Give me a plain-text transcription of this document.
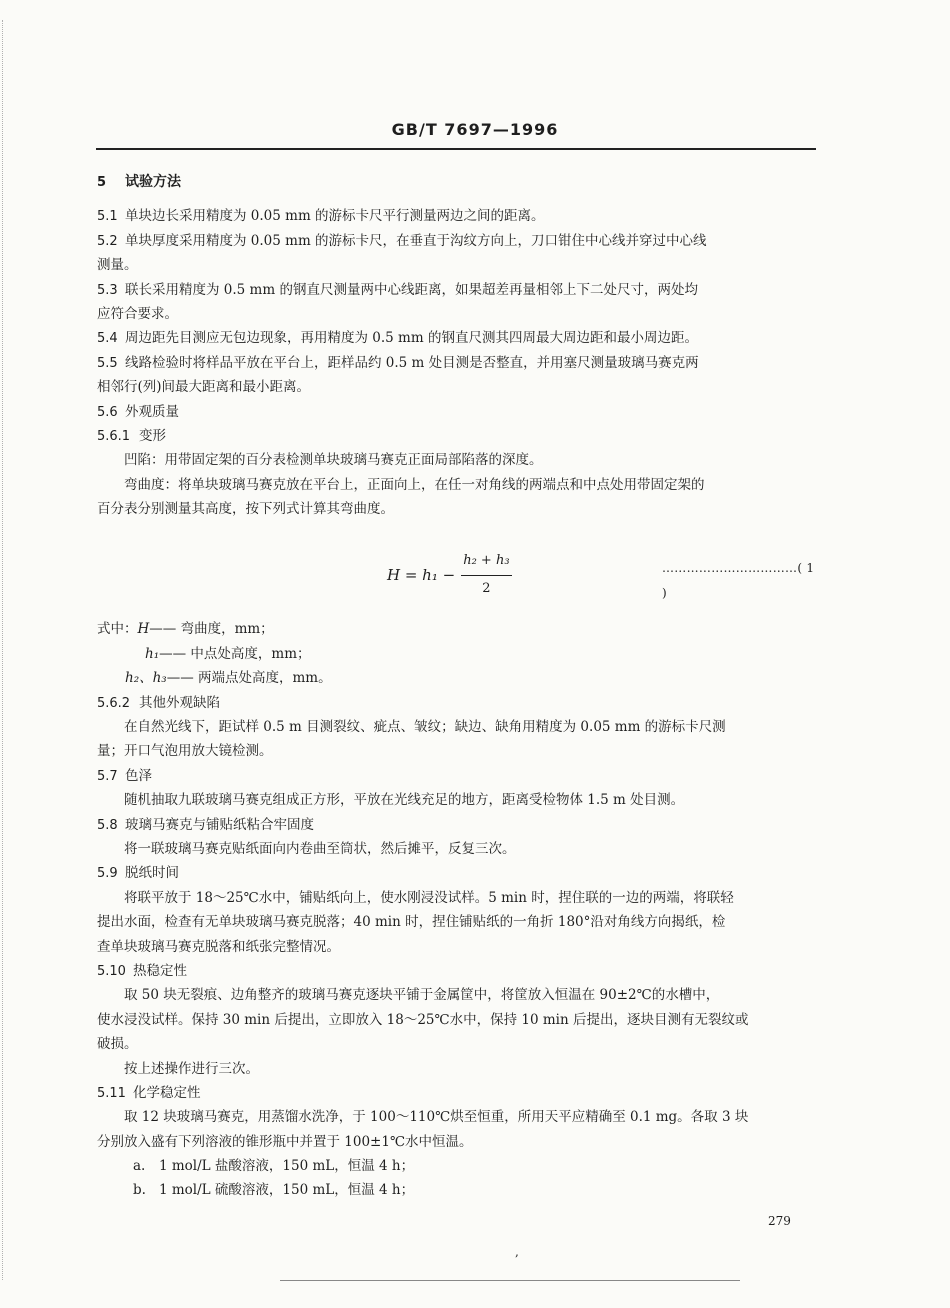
GB/T 7697—1996
5 试验方法
5.1 单块边长采用精度为 0.05 mm 的游标卡尺平行测量两边之间的距离。
5.2 单块厚度采用精度为 0.05 mm 的游标卡尺，在垂直于沟纹方向上，刀口钳住中心线并穿过中心线
测量。
5.3 联长采用精度为 0.5 mm 的钢直尺测量两中心线距离，如果超差再量相邻上下二处尺寸，两处均
应符合要求。
5.4 周边距先目测应无包边现象，再用精度为 0.5 mm 的钢直尺测其四周最大周边距和最小周边距。
5.5 线路检验时将样品平放在平台上，距样品约 0.5 m 处目测是否整直，并用塞尺测量玻璃马赛克两
相邻行(列)间最大距离和最小距离。
5.6 外观质量
5.6.1 变形
凹陷：用带固定架的百分表检测单块玻璃马赛克正面局部陷落的深度。
弯曲度：将单块玻璃马赛克放在平台上，正面向上，在任一对角线的两端点和中点处用带固定架的
百分表分别测量其高度，按下列式计算其弯曲度。
$H = h_1 - \frac{\text{h₂ + h₃}}{2}$	……………………………( 1 )
式中：H—— 弯曲度，mm；
h₁—— 中点处高度，mm；
h₂、h₃—— 两端点处高度，mm。
5.6.2 其他外观缺陷
在自然光线下，距试样 0.5 m 目测裂纹、疵点、皱纹；缺边、缺角用精度为 0.05 mm 的游标卡尺测
量；开口气泡用放大镜检测。
5.7 色泽
随机抽取九联玻璃马赛克组成正方形，平放在光线充足的地方，距离受检物体 1.5 m 处目测。
5.8 玻璃马赛克与铺贴纸粘合牢固度
将一联玻璃马赛克贴纸面向内卷曲至筒状，然后摊平，反复三次。
5.9 脱纸时间
将联平放于 18～25℃水中，铺贴纸向上，使水刚浸没试样。5 min 时，捏住联的一边的两端，将联轻
提出水面，检查有无单块玻璃马赛克脱落；40 min 时，捏住铺贴纸的一角折 180°沿对角线方向揭纸，检
查单块玻璃马赛克脱落和纸张完整情况。
5.10 热稳定性
取 50 块无裂痕、边角整齐的玻璃马赛克逐块平铺于金属筐中，将筐放入恒温在 90±2℃的水槽中，
使水浸没试样。保持 30 min 后提出，立即放入 18～25℃水中，保持 10 min 后提出，逐块目测有无裂纹或
破损。
按上述操作进行三次。
5.11 化学稳定性
取 12 块玻璃马赛克，用蒸馏水洗净，于 100～110℃烘至恒重，所用天平应精确至 0.1 mg。各取 3 块
分别放入盛有下列溶液的锥形瓶中并置于 100±1℃水中恒温。
a. 1 mol/L 盐酸溶液，150 mL，恒温 4 h；
b. 1 mol/L 硫酸溶液，150 mL，恒温 4 h；
279
,
